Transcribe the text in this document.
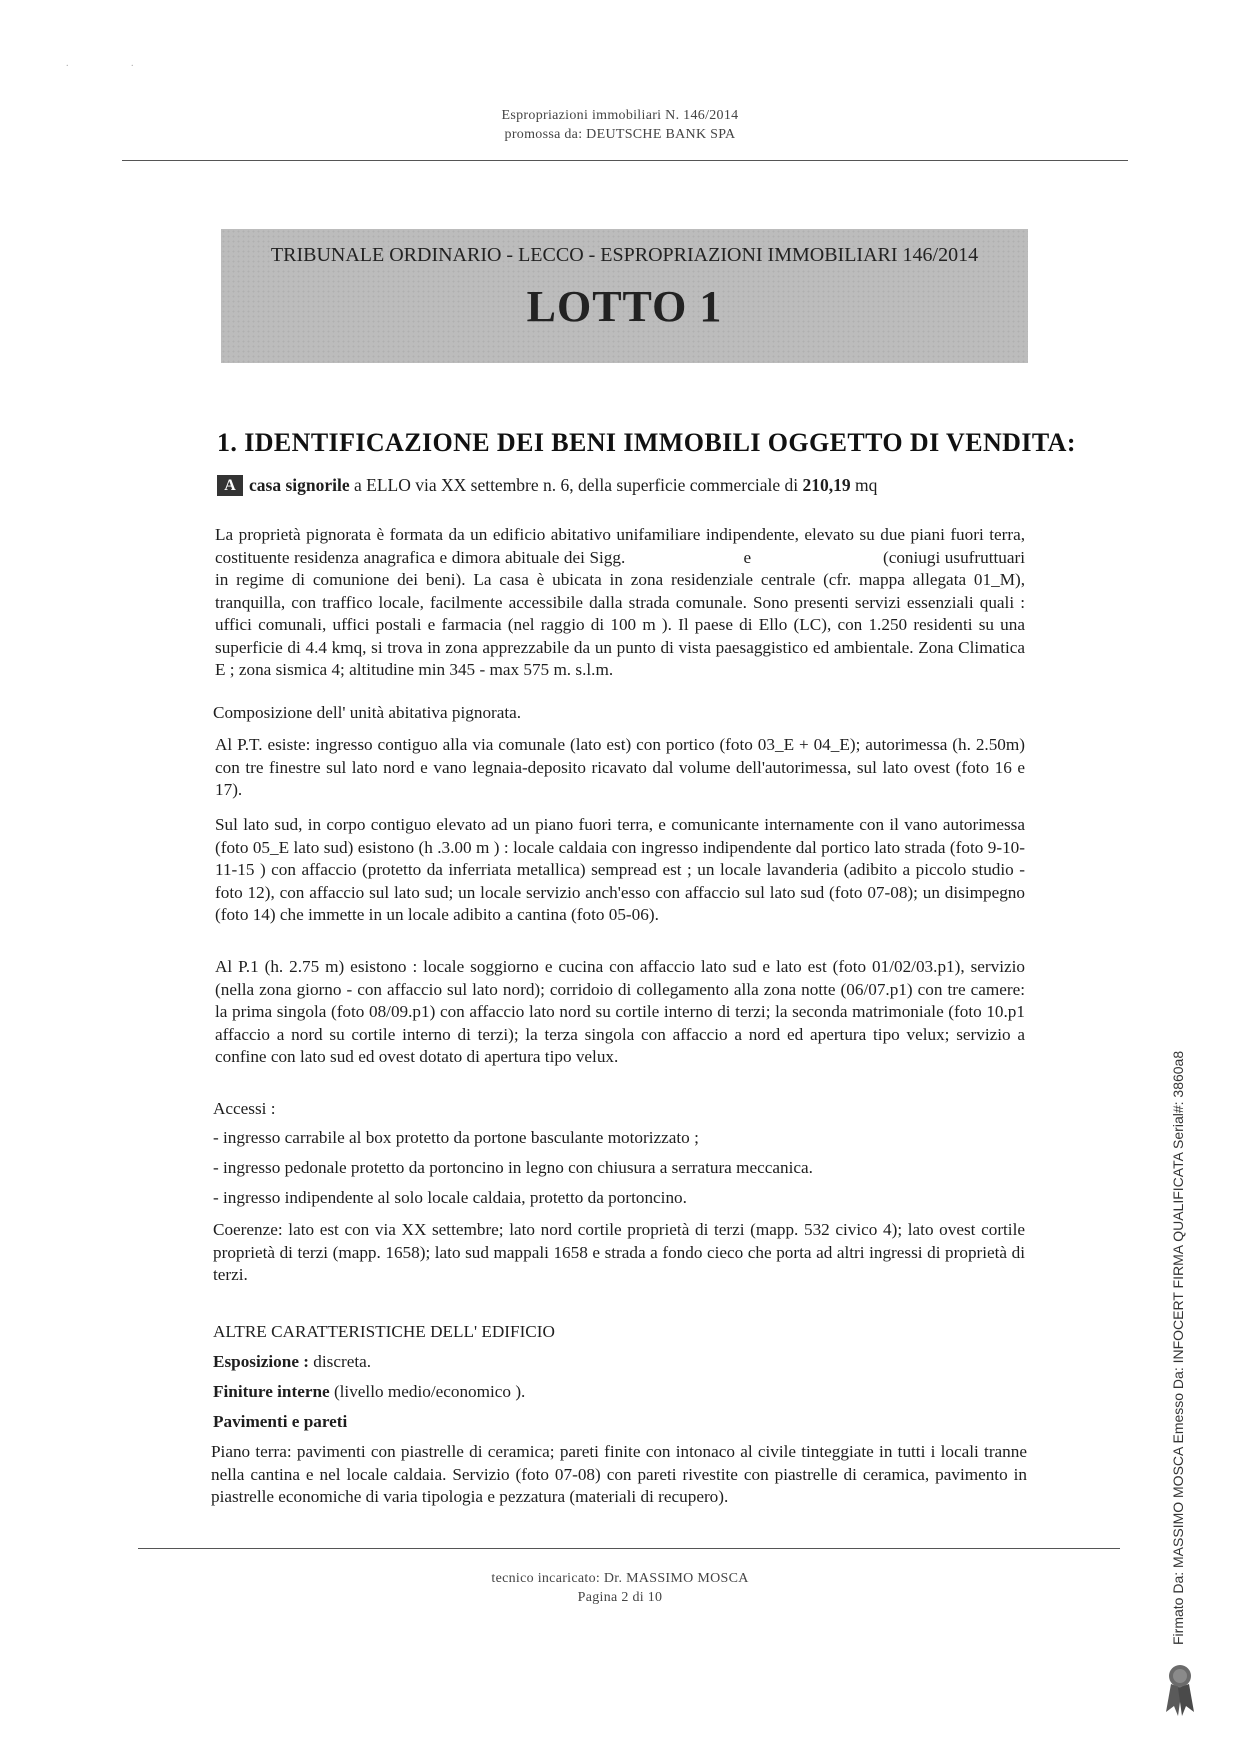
. .
Espropriazioni immobiliari N. 146/2014
promossa da: DEUTSCHE BANK SPA
TRIBUNALE ORDINARIO - LECCO - ESPROPRIAZIONI IMMOBILIARI 146/2014
LOTTO 1
1. IDENTIFICAZIONE DEI BENI IMMOBILI OGGETTO DI VENDITA:
A casa signorile a ELLO via XX settembre n. 6, della superficie commerciale di 210,19 mq

La proprietà pignorata è formata da un edificio abitativo unifamiliare indipendente, elevato su due piani fuori terra, costituente residenza anagrafica e dimora abituale dei Sigg.                          e                             (coniugi usufruttuari in regime di comunione dei beni). La casa è ubicata in zona residenziale centrale (cfr. mappa allegata 01_M), tranquilla, con traffico locale, facilmente accessibile dalla strada comunale. Sono presenti servizi essenziali quali : uffici comunali, uffici postali e farmacia (nel raggio di 100 m ). Il paese di Ello (LC), con 1.250 residenti su una superficie di 4.4 kmq, si trova in zona apprezzabile da un punto di vista paesaggistico ed ambientale. Zona Climatica E ; zona sismica 4; altitudine min 345 - max 575 m. s.l.m.

Composizione dell' unità abitativa pignorata.

Al P.T. esiste: ingresso contiguo alla via comunale (lato est) con portico (foto 03_E + 04_E); autorimessa (h. 2.50m) con tre finestre sul lato nord e vano legnaia-deposito ricavato dal volume dell'autorimessa, sul lato ovest (foto 16 e 17).

Sul lato sud, in corpo contiguo elevato ad un piano fuori terra, e comunicante internamente con il vano autorimessa (foto 05_E lato sud) esistono (h .3.00 m ) : locale caldaia con ingresso indipendente dal portico lato strada (foto 9-10-11-15 ) con affaccio (protetto da inferriata metallica) sempread est ; un locale lavanderia (adibito a piccolo studio - foto 12), con affaccio sul lato sud; un locale servizio anch'esso con affaccio sul lato sud (foto 07-08); un disimpegno (foto 14) che immette in un locale adibito a cantina (foto 05-06).

Al P.1 (h. 2.75 m) esistono : locale soggiorno e cucina con affaccio lato sud e lato est (foto 01/02/03.p1), servizio (nella zona giorno - con affaccio sul lato nord); corridoio di collegamento alla zona notte (06/07.p1) con tre camere: la prima singola (foto 08/09.p1) con affaccio lato nord su cortile interno di terzi; la seconda matrimoniale (foto 10.p1 affaccio a nord su cortile interno di terzi); la terza singola con affaccio a nord ed apertura tipo velux; servizio a confine con lato sud ed ovest dotato di apertura tipo velux.

Accessi :
- ingresso carrabile al box protetto da portone basculante motorizzato ;
- ingresso pedonale protetto da portoncino in legno con chiusura a serratura meccanica.
- ingresso indipendente al solo locale caldaia, protetto da portoncino.

Coerenze: lato est con via XX settembre; lato nord cortile proprietà di terzi (mapp. 532 civico 4); lato ovest cortile proprietà di terzi (mapp. 1658); lato sud mappali 1658 e strada a fondo cieco che porta ad altri ingressi di proprietà di terzi.

ALTRE CARATTERISTICHE DELL' EDIFICIO
Esposizione : discreta.
Finiture interne (livello medio/economico ).
Pavimenti e pareti

Piano terra: pavimenti con piastrelle di ceramica; pareti finite con intonaco al civile tinteggiate in tutti i locali tranne nella cantina e nel locale caldaia. Servizio (foto 07-08) con pareti rivestite con piastrelle di ceramica, pavimento in piastrelle economiche di varia tipologia e pezzatura (materiali di recupero).

tecnico incaricato: Dr. MASSIMO MOSCA
Pagina 2 di 10	Firmato Da: MASSIMO MOSCA Emesso Da: INFOCERT FIRMA QUALIFICATA Serial#: 3860a8
